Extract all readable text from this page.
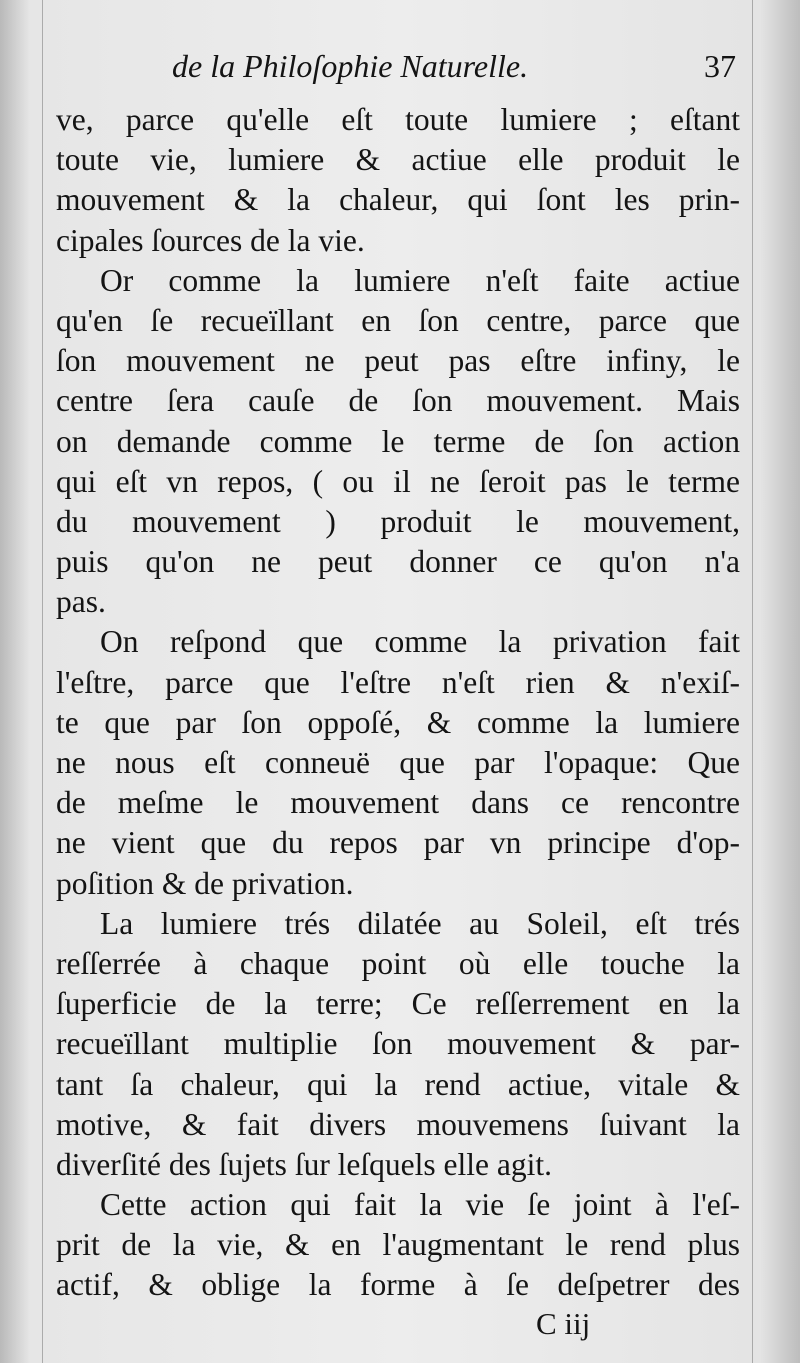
de la Philoſophie Naturelle.	37
ve, parce qu'elle eſt toute lumiere ; eſtant
toute vie, lumiere & actiue elle produit le
mouvement & la chaleur, qui ſont les prin-
cipales ſources de la vie.
Or comme la lumiere n'eſt faite actiue
qu'en ſe recueïllant en ſon centre, parce que
ſon mouvement ne peut pas eſtre infiny, le
centre ſera cauſe de ſon mouvement. Mais
on demande comme le terme de ſon action
qui eſt vn repos, ( ou il ne ſeroit pas le terme
du mouvement ) produit le mouvement,
puis qu'on ne peut donner ce qu'on n'a
pas.
On reſpond que comme la privation fait
l'eſtre, parce que l'eſtre n'eſt rien & n'exiſ-
te que par ſon oppoſé, & comme la lumiere
ne nous eſt conneuë que par l'opaque: Que
de meſme le mouvement dans ce rencontre
ne vient que du repos par vn principe d'op-
poſition & de privation.
La lumiere trés dilatée au Soleil, eſt trés
reſſerrée à chaque point où elle touche la
ſuperficie de la terre; Ce reſſerrement en la
recueïllant multiplie ſon mouvement & par-
tant ſa chaleur, qui la rend actiue, vitale &
motive, & fait divers mouvemens ſuivant la
diverſité des ſujets ſur leſquels elle agit.
Cette action qui fait la vie ſe joint à l'eſ-
prit de la vie, & en l'augmentant le rend plus
actif, & oblige la forme à ſe deſpetrer des
C iij
